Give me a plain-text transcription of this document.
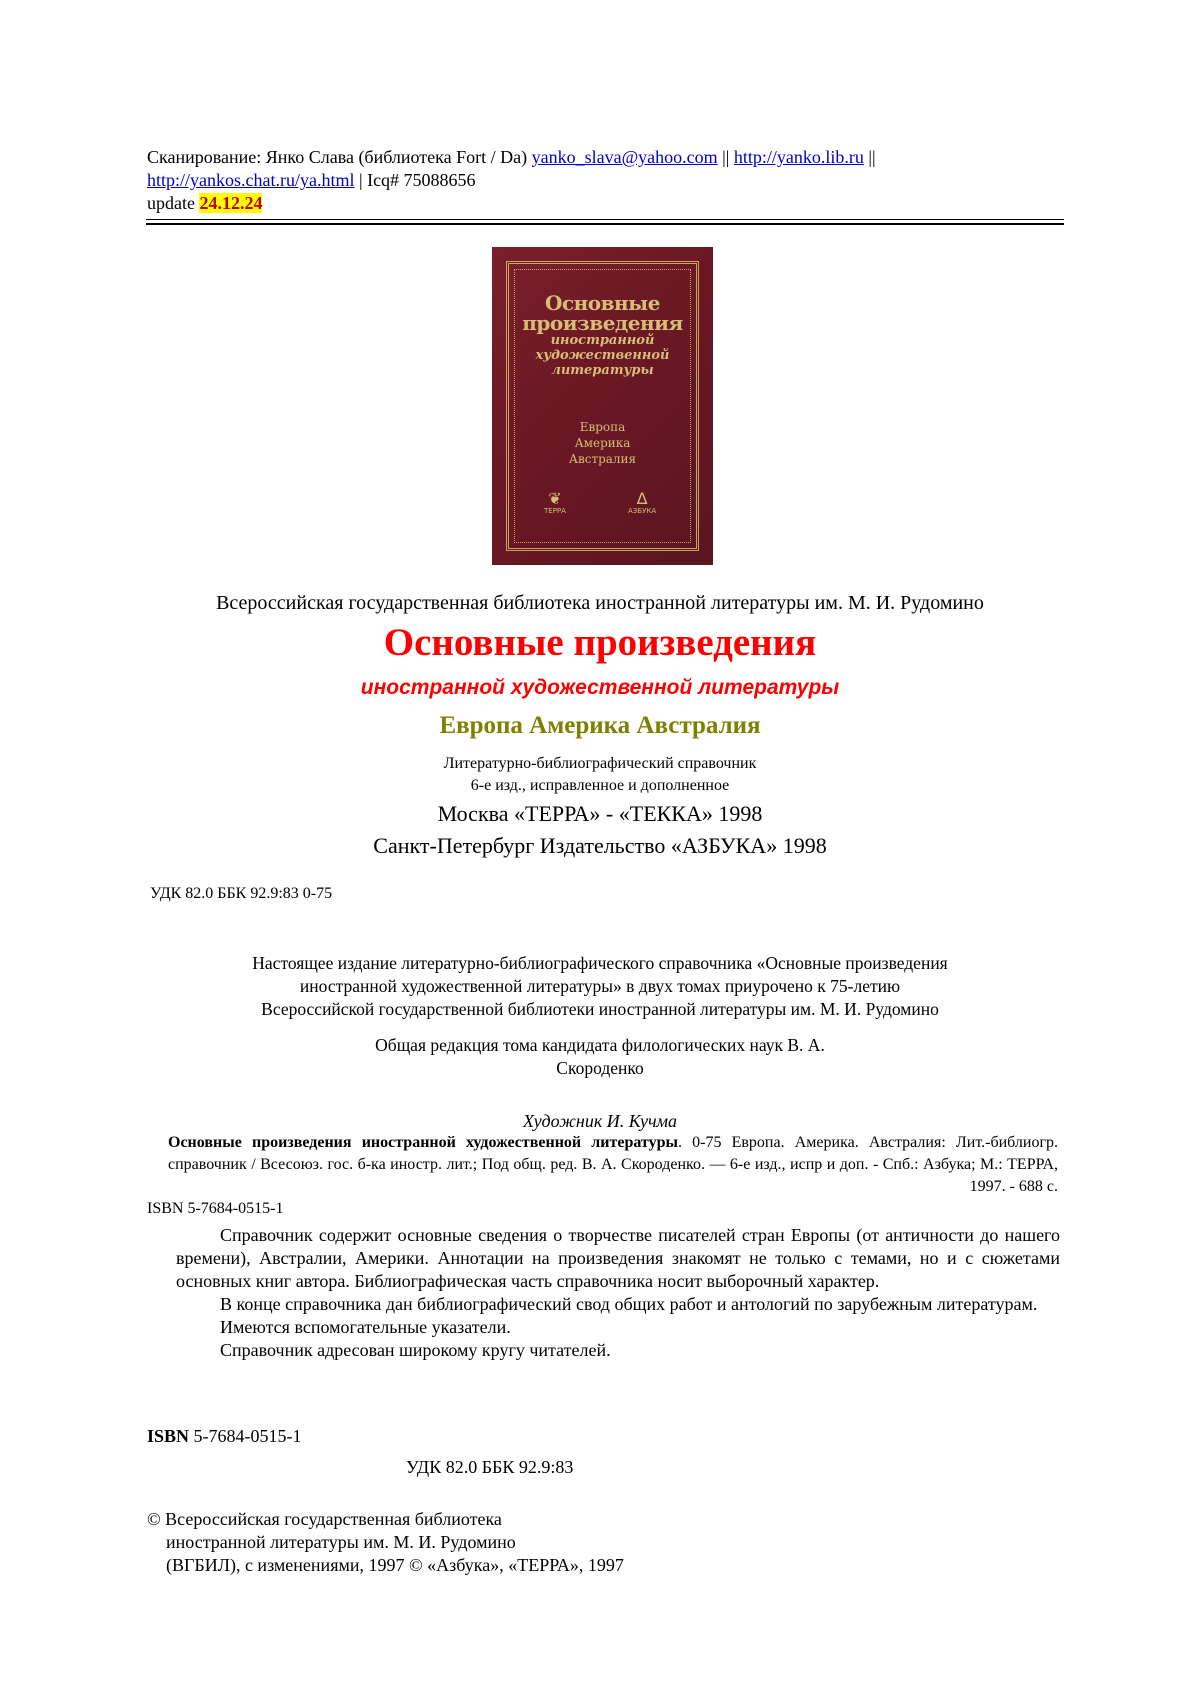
Сканирование: Янко Слава (библиотека Fort / Da) yanko_slava@yahoo.com || http://yanko.lib.ru ||
http://yankos.chat.ru/ya.html | Icq# 75088656
update 24.12.24
Основные произведения
иностранной
художественной
литературы
Европа
Америка
Австралия
❦
ТЕРРА
Δ
АЗБУКА
Всероссийская государственная библиотека иностранной литературы им. М. И. Рудомино
Основные произведения
иностранной художественной литературы
Европа Америка Австралия
Литературно-библиографический справочник
6-е изд., исправленное и дополненное
Москва «ТЕРРА» - «ТЕККА» 1998
Санкт-Петербург Издательство «АЗБУКА» 1998
УДК 82.0 ББК 92.9:83 0-75
Настоящее издание литературно-библиографического справочника «Основные произведения
иностранной художественной литературы» в двух томах приурочено к 75-летию
Всероссийской государственной библиотеки иностранной литературы им. М. И. Рудомино
Общая редакция тома кандидата филологических наук В. А.
Скороденко
Художник И. Кучма
Основные произведения иностранной художественной литературы. 0-75 Европа. Америка. Австралия: Лит.-библиогр. справочник / Всесоюз. гос. б-ка иностр. лит.; Под общ. ред. В. А. Скороденко. — 6-е изд., испр и доп. - Спб.: Азбука; М.: ТЕРРА, 1997. - 688 с.
ISBN 5-7684-0515-1

Справочник содержит основные сведения о творчестве писателей стран Европы (от античности до нашего времени), Австралии, Америки. Аннотации на произведения знакомят не только с темами, но и с сюжетами основных книг автора. Библиографическая часть справочника носит выборочный характер.

В конце справочника дан библиографический свод общих работ и антологий по зарубежным литературам.

Имеются вспомогательные указатели.

Справочник адресован широкому кругу читателей.

ISBN 5-7684-0515-1
УДК 82.0 ББК 92.9:83
© Всероссийская государственная библиотека
иностранной литературы им. М. И. Рудомино
(ВГБИЛ), с изменениями, 1997 © «Азбука», «ТЕРРА», 1997
